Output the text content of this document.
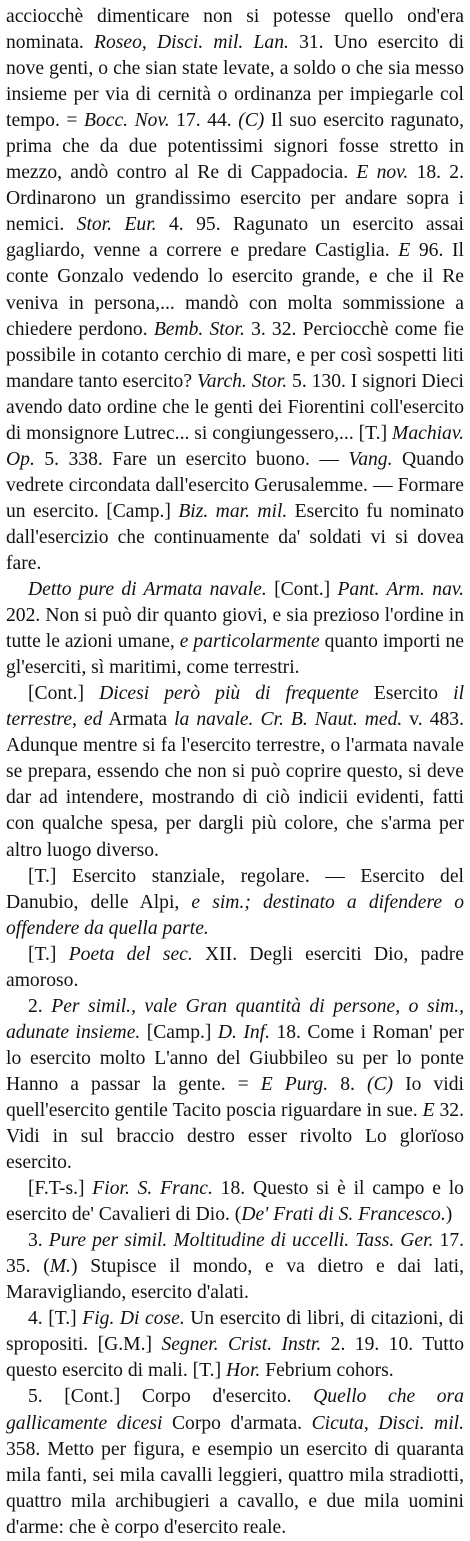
acciocchè dimenticare non si potesse quello ond'era nominata. Roseo, Disci. mil. Lan. 31. Uno esercito di nove genti, o che sian state levate, a soldo o che sia messo insieme per via di cernità o ordinanza per impiegarle col tempo. = Bocc. Nov. 17. 44. (C) Il suo esercito ragunato, prima che da due potentissimi signori fosse stretto in mezzo, andò contro al Re di Cappadocia. E nov. 18. 2. Ordinarono un grandissimo esercito per andare sopra i nemici. Stor. Eur. 4. 95. Ragunato un esercito assai gagliardo, venne a correre e predare Castiglia. E 96. Il conte Gonzalo vedendo lo esercito grande, e che il Re veniva in persona,... mandò con molta sommissione a chiedere perdono. Bemb. Stor. 3. 32. Perciocchè come fie possibile in cotanto cerchio di mare, e per così sospetti liti mandare tanto esercito? Varch. Stor. 5. 130. I signori Dieci avendo dato ordine che le genti dei Fiorentini coll'esercito di monsignore Lutrec... si congiungessero,... [T.] Machiav. Op. 5. 338. Fare un esercito buono. — Vang. Quando vedrete circondata dall'esercito Gerusalemme. — Formare un esercito. [Camp.] Biz. mar. mil. Esercito fu nominato dall'esercizio che continuamente da' soldati vi si dovea fare.

Detto pure di Armata navale. [Cont.] Pant. Arm. nav. 202. Non si può dir quanto giovi, e sia prezioso l'ordine in tutte le azioni umane, e particolarmente quanto importi ne gl'eserciti, sì maritimi, come terrestri.

[Cont.] Dicesi però più di frequente Esercito il terrestre, ed Armata la navale. Cr. B. Naut. med. v. 483. Adunque mentre si fa l'esercito terrestre, o l'armata navale se prepara, essendo che non si può coprire questo, si deve dar ad intendere, mostrando di ciò indicii evidenti, fatti con qualche spesa, per dargli più colore, che s'arma per altro luogo diverso.

[T.] Esercito stanziale, regolare. — Esercito del Danubio, delle Alpi, e sim.; destinato a difendere o offendere da quella parte.

[T.] Poeta del sec. XII. Degli eserciti Dio, padre amoroso.

2. Per simil., vale Gran quantità di persone, o sim., adunate insieme. [Camp.] D. Inf. 18. Come i Roman' per lo esercito molto L'anno del Giubbileo su per lo ponte Hanno a passar la gente. = E Purg. 8. (C) Io vidi quell'esercito gentile Tacito poscia riguardare in sue. E 32. Vidi in sul braccio destro esser rivolto Lo glorïoso esercito.

[F.T-s.] Fior. S. Franc. 18. Questo si è il campo e lo esercito de' Cavalieri di Dio. (De' Frati di S. Francesco.)

3. Pure per simil. Moltitudine di uccelli. Tass. Ger. 17. 35. (M.) Stupisce il mondo, e va dietro e dai lati, Maravigliando, esercito d'alati.

4. [T.] Fig. Di cose. Un esercito di libri, di citazioni, di spropositi. [G.M.] Segner. Crist. Instr. 2. 19. 10. Tutto questo esercito di mali. [T.] Hor. Febrium cohors.

5. [Cont.] Corpo d'esercito. Quello che ora gallicamente dicesi Corpo d'armata. Cicuta, Disci. mil. 358. Metto per figura, e esempio un esercito di quaranta mila fanti, sei mila cavalli leggieri, quattro mila stradiotti, quattro mila archibugieri a cavallo, e due mila uomini d'arme: che è corpo d'esercito reale.
